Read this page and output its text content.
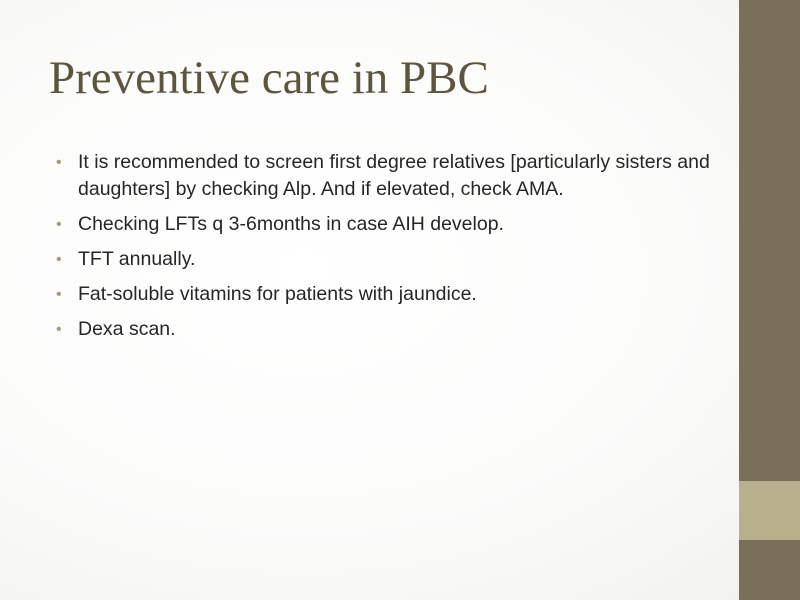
Preventive care in PBC
• It is recommended to screen first degree relatives [particularly sisters and daughters] by checking Alp. And if elevated, check AMA.
• Checking LFTs q 3-6months in case AIH develop.
• TFT annually.
• Fat-soluble vitamins for patients with jaundice.
• Dexa scan.
